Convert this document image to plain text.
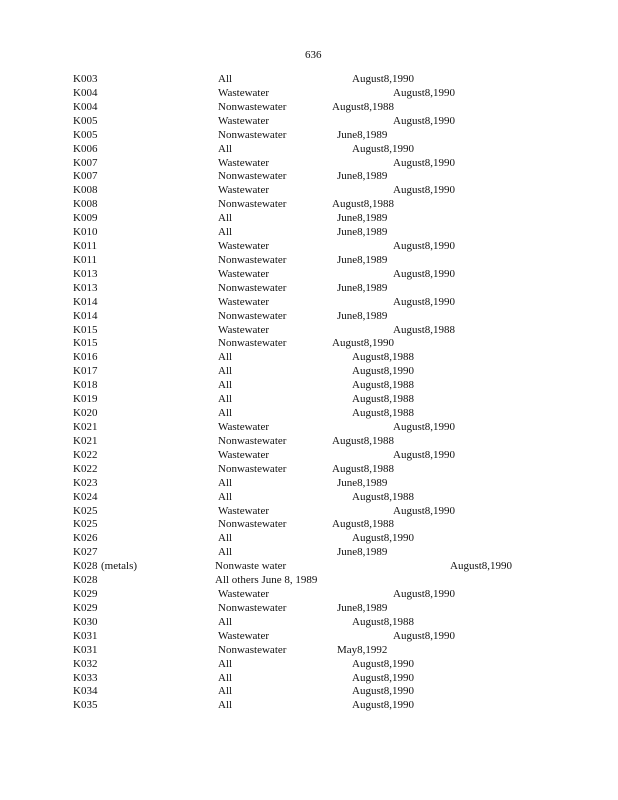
636
K003	All	August8,1990
K004	Wastewater	August8,1990
K004	Nonwastewater	August8,1988
K005	Wastewater	August8,1990
K005	Nonwastewater	June8,1989
K006	All	August8,1990
K007	Wastewater	August8,1990
K007	Nonwastewater	June8,1989
K008	Wastewater	August8,1990
K008	Nonwastewater	August8,1988
K009	All	June8,1989
K010	All	June8,1989
K011	Wastewater	August8,1990
K011	Nonwastewater	June8,1989
K013	Wastewater	August8,1990
K013	Nonwastewater	June8,1989
K014	Wastewater	August8,1990
K014	Nonwastewater	June8,1989
K015	Wastewater	August8,1988
K015	Nonwastewater	August8,1990
K016	All	August8,1988
K017	All	August8,1990
K018	All	August8,1988
K019	All	August8,1988
K020	All	August8,1988
K021	Wastewater	August8,1990
K021	Nonwastewater	August8,1988
K022	Wastewater	August8,1990
K022	Nonwastewater	August8,1988
K023	All	June8,1989
K024	All	August8,1988
K025	Wastewater	August8,1990
K025	Nonwastewater	August8,1988
K026	All	August8,1990
K027	All	June8,1989
K028 (metals)	Nonwaste water	August8,1990
K028	All others June 8, 1989
K029	Wastewater	August8,1990
K029	Nonwastewater	June8,1989
K030	All	August8,1988
K031	Wastewater	August8,1990
K031	Nonwastewater	May8,1992
K032	All	August8,1990
K033	All	August8,1990
K034	All	August8,1990
K035	All	August8,1990
